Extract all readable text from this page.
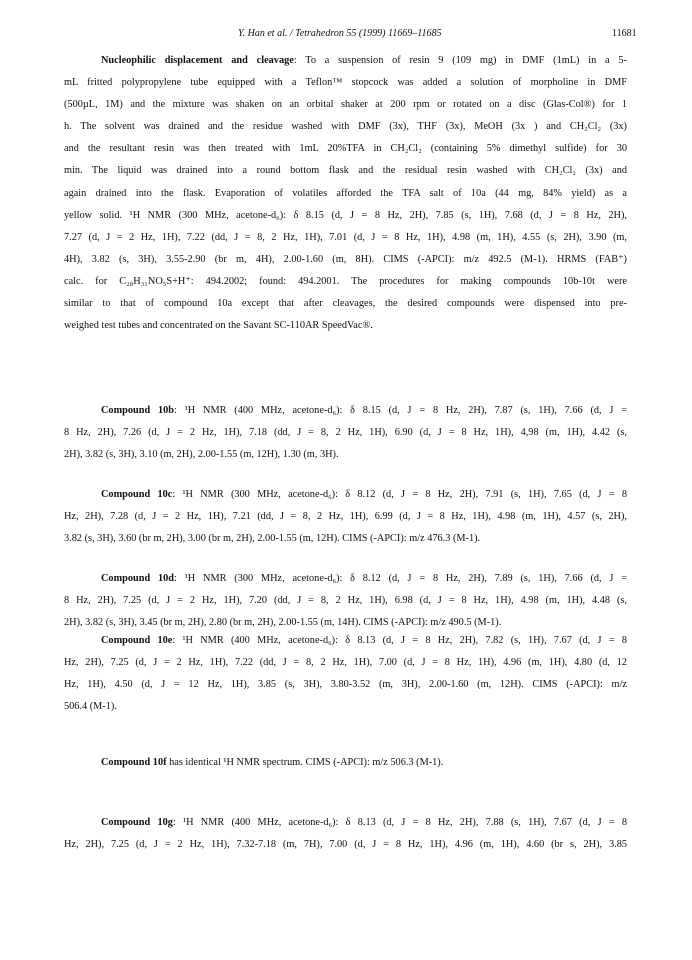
Y. Han et al. / Tetrahedron 55 (1999) 11669–11685	11681

Nucleophilic displacement and cleavage: To a suspension of resin 9 (109 mg) in DMF (1mL) in a 5-
mL fritted polypropylene tube equipped with a Teflon™ stopcock was added a solution of morpholine in DMF
(500µL, 1M) and the mixture was shaken on an orbital shaker at 200 rpm or rotated on a disc (Glas-Col®) for 1
h. The solvent was drained and the residue washed with DMF (3x), THF (3x), MeOH (3x ) and CH₂Cl₂ (3x)
and the resultant resin was then treated with 1mL 20%TFA in CH₂Cl₂ (containing 5% dimethyl sulfide) for 30
min. The liquid was drained into a round bottom flask and the residual resin washed with CH₂Cl₂ (3x) and
again drained into the flask. Evaporation of volatiles afforded the TFA salt of 10a (44 mg, 84% yield) as a
yellow solid. ¹H NMR (300 MHz, acetone-d₆): δ 8.15 (d, J = 8 Hz, 2H), 7.85 (s, 1H), 7.68 (d, J = 8 Hz, 2H),
7.27 (d, J = 2 Hz, 1H), 7.22 (dd, J = 8, 2 Hz, 1H), 7.01 (d, J = 8 Hz, 1H), 4.98 (m, 1H), 4.55 (s, 2H), 3.90 (m,
4H), 3.82 (s, 3H), 3.55-2.90 (br m, 4H), 2.00-1.60 (m, 8H). CIMS (-APCI): m/z 492.5 (M-1). HRMS (FAB⁺)
calc. for C₂₈H₃₁NO₅S+H⁺: 494.2002; found: 494.2001. The procedures for making compounds 10b-10t were
similar to that of compound 10a except that after cleavages, the desired compounds were dispensed into pre-
weighed test tubes and concentrated on the Savant SC-110AR SpeedVac®.

Compound 10b: ¹H NMR (400 MHz, acetone-d₆): δ 8.15 (d, J = 8 Hz, 2H), 7.87 (s, 1H), 7.66 (d, J =
8 Hz, 2H), 7.26 (d, J = 2 Hz, 1H), 7.18 (dd, J = 8, 2 Hz, 1H), 6.90 (d, J = 8 Hz, 1H), 4,98 (m, 1H), 4.42 (s,
2H), 3.82 (s, 3H), 3.10 (m, 2H), 2.00-1.55 (m, 12H), 1.30 (m, 3H).

Compound 10c: ¹H NMR (300 MHz, acetone-d₆): δ 8.12 (d, J = 8 Hz, 2H), 7.91 (s, 1H), 7.65 (d, J = 8
Hz, 2H), 7.28 (d, J = 2 Hz, 1H), 7.21 (dd, J = 8, 2 Hz, 1H), 6.99 (d, J = 8 Hz, 1H), 4.98 (m, 1H), 4.57 (s, 2H),
3.82 (s, 3H), 3.60 (br m, 2H), 3.00 (br m, 2H), 2.00-1.55 (m, 12H). CIMS (-APCI): m/z 476.3 (M-1).

Compound 10d: ¹H NMR (300 MHz, acetone-d₆): δ 8.12 (d, J = 8 Hz, 2H), 7.89 (s, 1H), 7.66 (d, J =
8 Hz, 2H), 7.25 (d, J = 2 Hz, 1H), 7.20 (dd, J = 8, 2 Hz, 1H), 6.98 (d, J = 8 Hz, 1H), 4.98 (m, 1H), 4.48 (s,
2H), 3.82 (s, 3H), 3.45 (br m, 2H), 2.80 (br m, 2H), 2.00-1.55 (m, 14H). CIMS (-APCI): m/z 490.5 (M-1).

Compound 10e: ¹H NMR (400 MHz, acetone-d₆): δ 8.13 (d, J = 8 Hz, 2H), 7.82 (s, 1H), 7.67 (d, J = 8
Hz, 2H), 7.25 (d, J = 2 Hz, 1H), 7.22 (dd, J = 8, 2 Hz, 1H), 7.00 (d, J = 8 Hz, 1H), 4.96 (m, 1H), 4.80 (d, 12
Hz, 1H), 4.50 (d, J = 12 Hz, 1H), 3.85 (s, 3H), 3.80-3.52 (m, 3H), 2.00-1.60 (m, 12H). CIMS (-APCI): m/z
506.4 (M-1).

Compound 10f has identical ¹H NMR spectrum. CIMS (-APCI): m/z 506.3 (M-1).

Compound 10g: ¹H NMR (400 MHz, acetone-d₆): δ 8.13 (d, J = 8 Hz, 2H), 7.88 (s, 1H), 7.67 (d, J = 8
Hz, 2H), 7.25 (d, J = 2 Hz, 1H), 7.32-7.18 (m, 7H), 7.00 (d, J = 8 Hz, 1H), 4.96 (m, 1H), 4.60 (br s, 2H), 3.85
